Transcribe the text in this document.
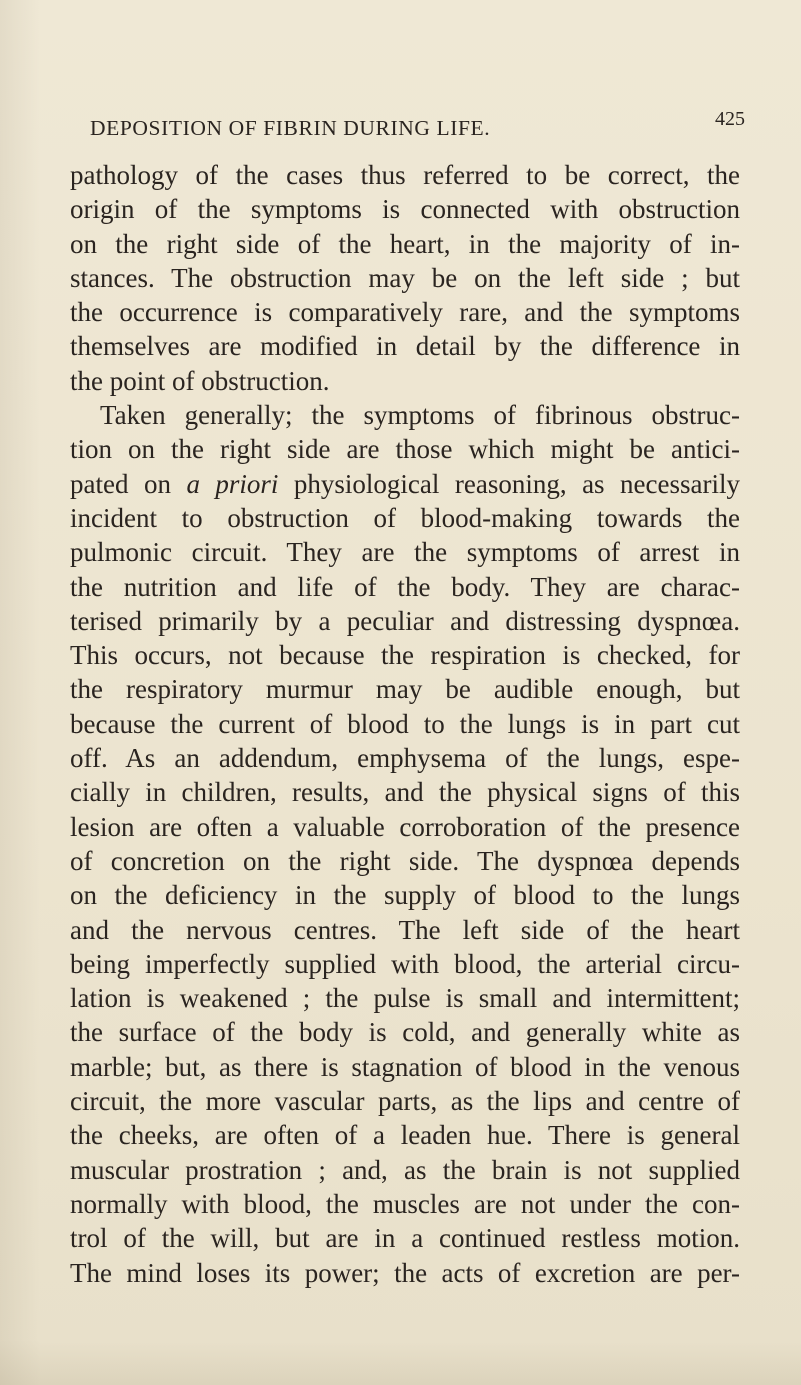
DEPOSITION OF FIBRIN DURING LIFE.	425
pathology of the cases thus referred to be correct, the
origin of the symptoms is connected with obstruction
on the right side of the heart, in the majority of in-
stances. The obstruction may be on the left side ; but
the occurrence is comparatively rare, and the symptoms
themselves are modified in detail by the difference in
the point of obstruction.
Taken generally; the symptoms of fibrinous obstruc-
tion on the right side are those which might be antici-
pated on a priori physiological reasoning, as necessarily
incident to obstruction of blood-making towards the
pulmonic circuit. They are the symptoms of arrest in
the nutrition and life of the body. They are charac-
terised primarily by a peculiar and distressing dyspnœa.
This occurs, not because the respiration is checked, for
the respiratory murmur may be audible enough, but
because the current of blood to the lungs is in part cut
off. As an addendum, emphysema of the lungs, espe-
cially in children, results, and the physical signs of this
lesion are often a valuable corroboration of the presence
of concretion on the right side. The dyspnœa depends
on the deficiency in the supply of blood to the lungs
and the nervous centres. The left side of the heart
being imperfectly supplied with blood, the arterial circu-
lation is weakened ; the pulse is small and intermittent;
the surface of the body is cold, and generally white as
marble; but, as there is stagnation of blood in the venous
circuit, the more vascular parts, as the lips and centre of
the cheeks, are often of a leaden hue. There is general
muscular prostration ; and, as the brain is not supplied
normally with blood, the muscles are not under the con-
trol of the will, but are in a continued restless motion.
The mind loses its power; the acts of excretion are per-
